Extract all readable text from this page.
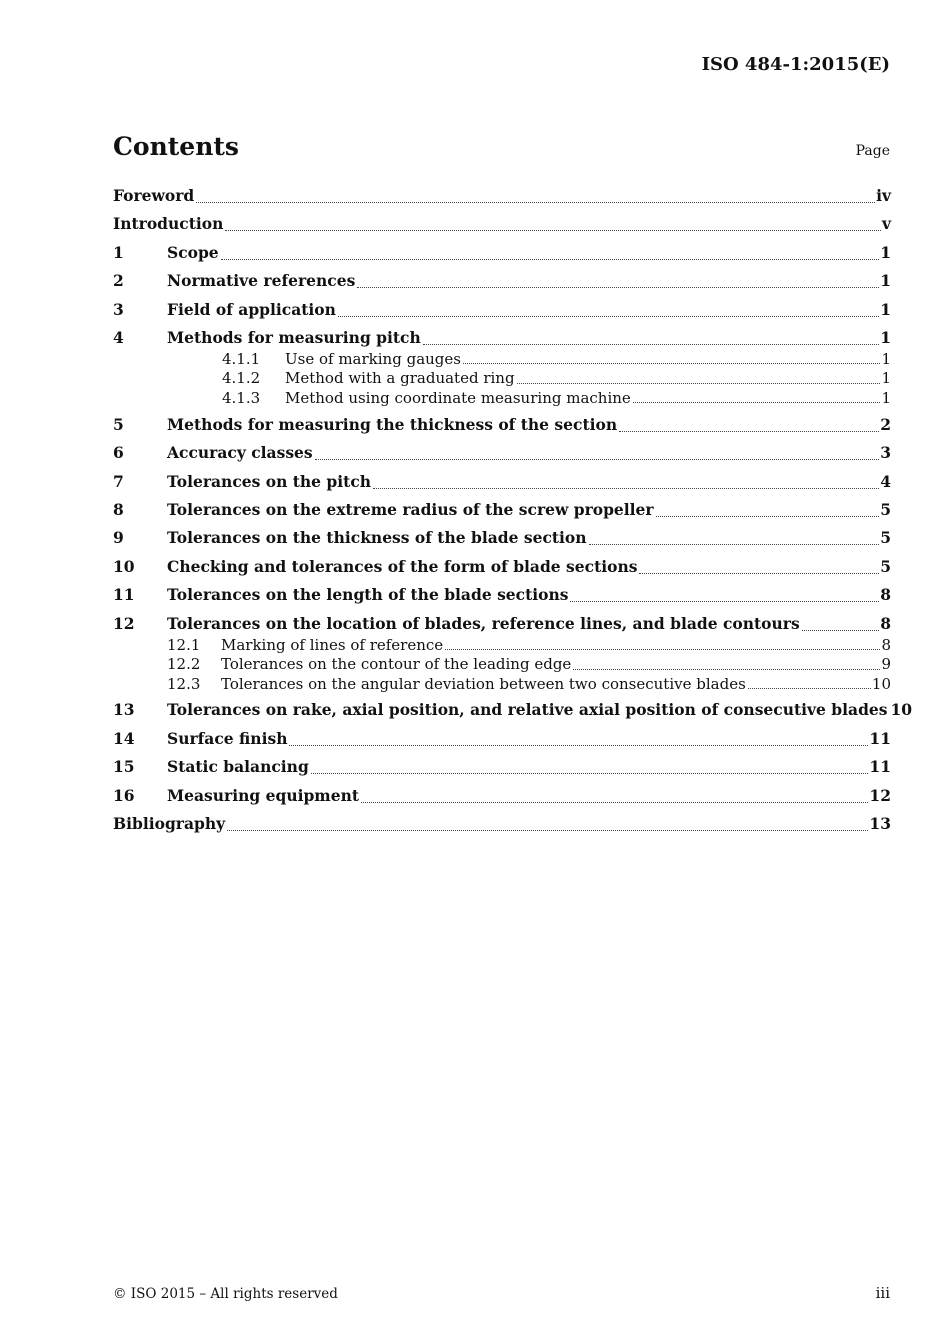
ISO 484-1:2015(E)
Contents	Page
Foreword	iv
Introduction	v
1	Scope	1
2	Normative references	1
3	Field of application	1
4	Methods for measuring pitch	1
4.1.1	Use of marking gauges	1
4.1.2	Method with a graduated ring	1
4.1.3	Method using coordinate measuring machine	1
5	Methods for measuring the thickness of the section	2
6	Accuracy classes	3
7	Tolerances on the pitch	4
8	Tolerances on the extreme radius of the screw propeller	5
9	Tolerances on the thickness of the blade section	5
10	Checking and tolerances of the form of blade sections	5
11	Tolerances on the length of the blade sections	8
12	Tolerances on the location of blades, reference lines, and blade contours	8
12.1	Marking of lines of reference	8
12.2	Tolerances on the contour of the leading edge	9
12.3	Tolerances on the angular deviation between two consecutive blades	10
13	Tolerances on rake, axial position, and relative axial position of consecutive blades 10
14	Surface finish	11
15	Static balancing	11
16	Measuring equipment	12
Bibliography	13
© ISO 2015 – All rights reserved	iii
